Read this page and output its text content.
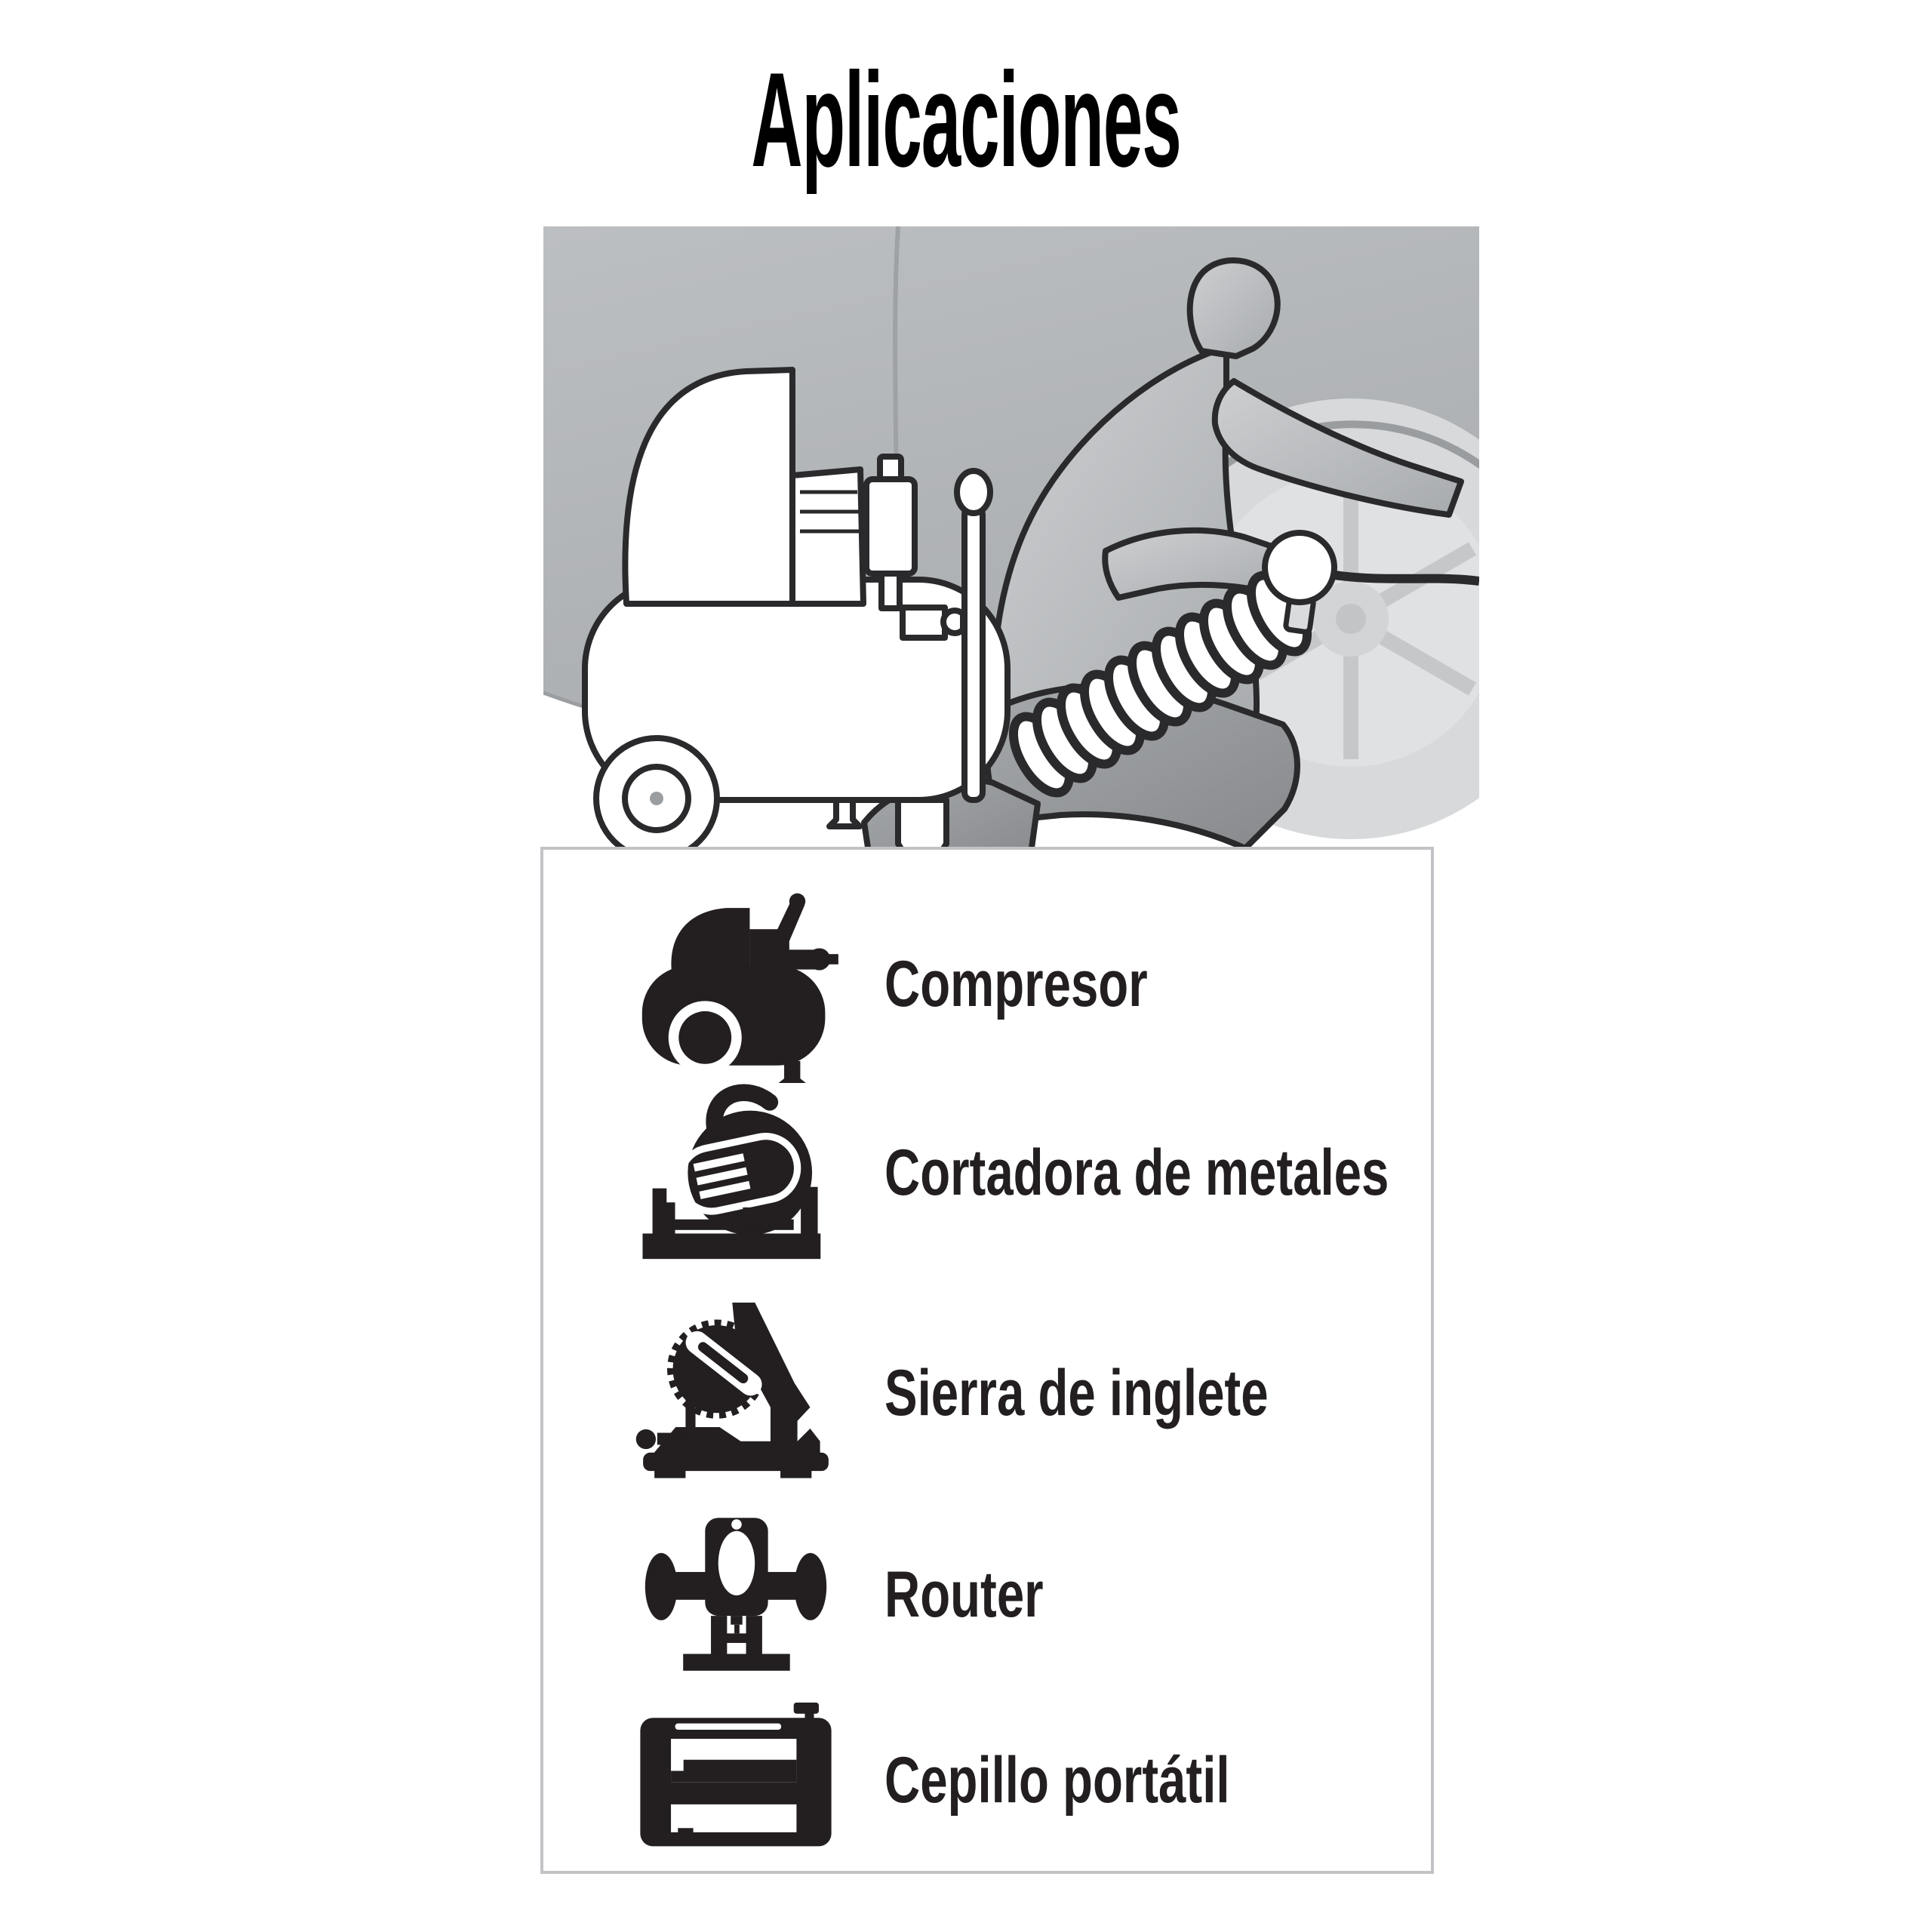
Aplicaciones
Compresor
Cortadora de metales
Sierra de inglete
Router
Cepillo portátil
